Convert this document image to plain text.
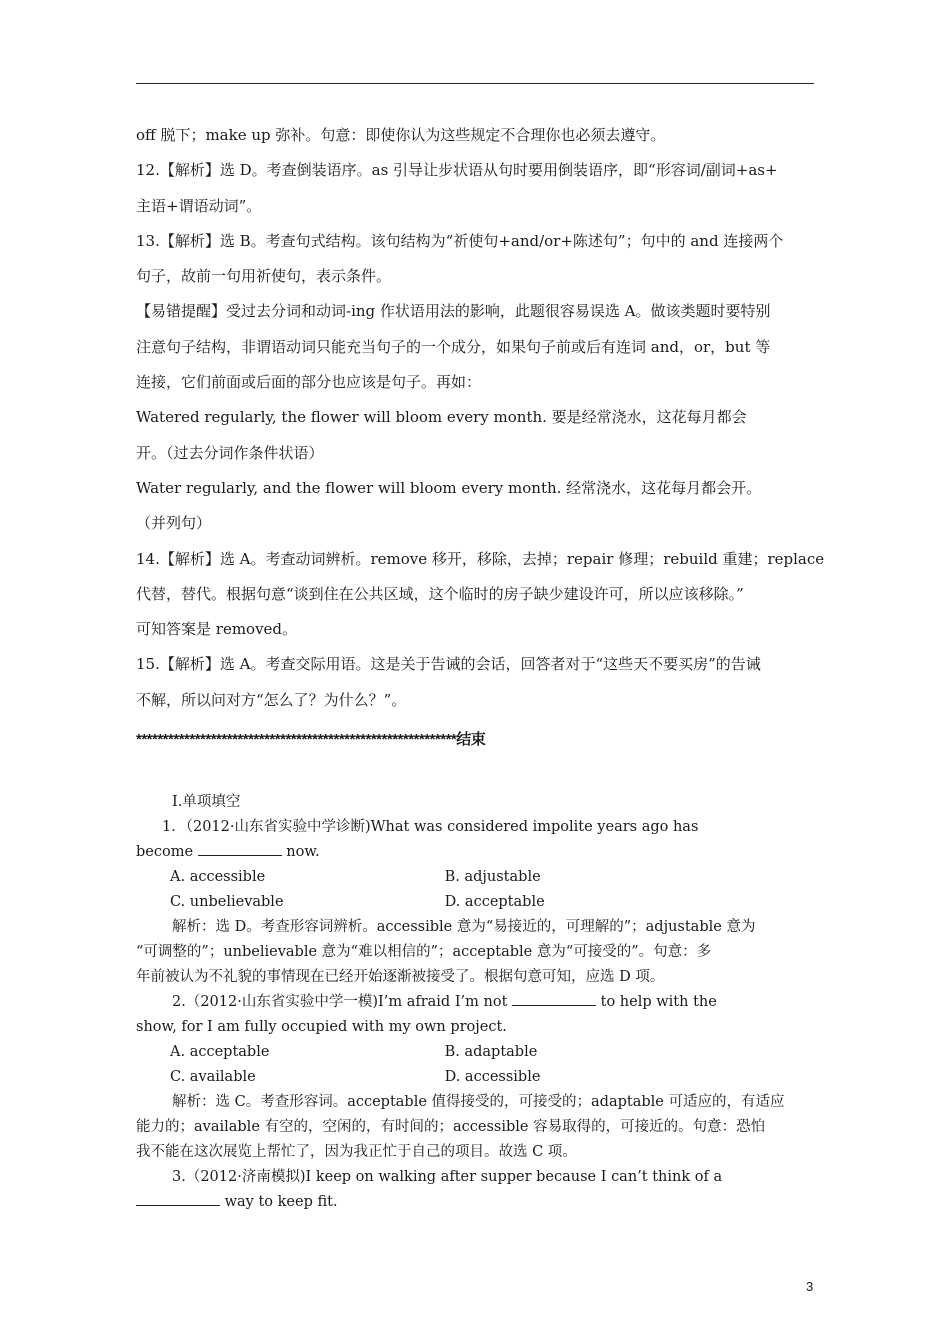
off 脱下；make up 弥补。句意：即使你认为这些规定不合理你也必须去遵守。
12.【解析】选 D。考查倒装语序。as 引导让步状语从句时要用倒装语序，即“形容词/副词+as+
主语+谓语动词”。
13.【解析】选 B。考查句式结构。该句结构为“祈使句+and/or+陈述句”；句中的 and 连接两个
句子，故前一句用祈使句，表示条件。
【易错提醒】受过去分词和动词-ing 作状语用法的影响，此题很容易误选 A。做该类题时要特别
注意句子结构，非谓语动词只能充当句子的一个成分，如果句子前或后有连词 and，or，but 等
连接，它们前面或后面的部分也应该是句子。再如：
Watered regularly, the flower will bloom every month. 要是经常浇水，这花每月都会
开。（过去分词作条件状语）
Water regularly, and the flower will bloom every month. 经常浇水，这花每月都会开。
（并列句）
14.【解析】选 A。考查动词辨析。remove 移开，移除，去掉；repair 修理；rebuild 重建；replace
代替，替代。根据句意“谈到住在公共区域，这个临时的房子缺少建设许可，所以应该移除。”
可知答案是 removed。
15.【解析】选 A。考查交际用语。这是关于告诫的会话，回答者对于“这些天不要买房”的告诫
不解，所以问对方“怎么了？为什么？”。
************************************************************结束
Ⅰ.单项填空
1．（2012·山东省实验中学诊断)What was considered impolite years ago has
become	now.
A. accessible	B. adjustable
C. unbelievable	D. acceptable
解析：选 D。考查形容词辨析。accessible 意为“易接近的，可理解的”；adjustable 意为
“可调整的”；unbelievable 意为“难以相信的”；acceptable 意为“可接受的”。句意：多
年前被认为不礼貌的事情现在已经开始逐渐被接受了。根据句意可知，应选 D 项。
2.（2012·山东省实验中学一模)I’m afraid I’m not	to help with the
show, for I am fully occupied with my own project.
A. acceptable	B. adaptable
C. available	D. accessible
解析：选 C。考查形容词。acceptable 值得接受的，可接受的；adaptable 可适应的，有适应
能力的；available 有空的，空闲的，有时间的；accessible 容易取得的，可接近的。句意：恐怕
我不能在这次展览上帮忙了，因为我正忙于自己的项目。故选 C 项。
3.（2012·济南模拟)I keep on walking after supper because I can’t think of a
way to keep fit.
3
